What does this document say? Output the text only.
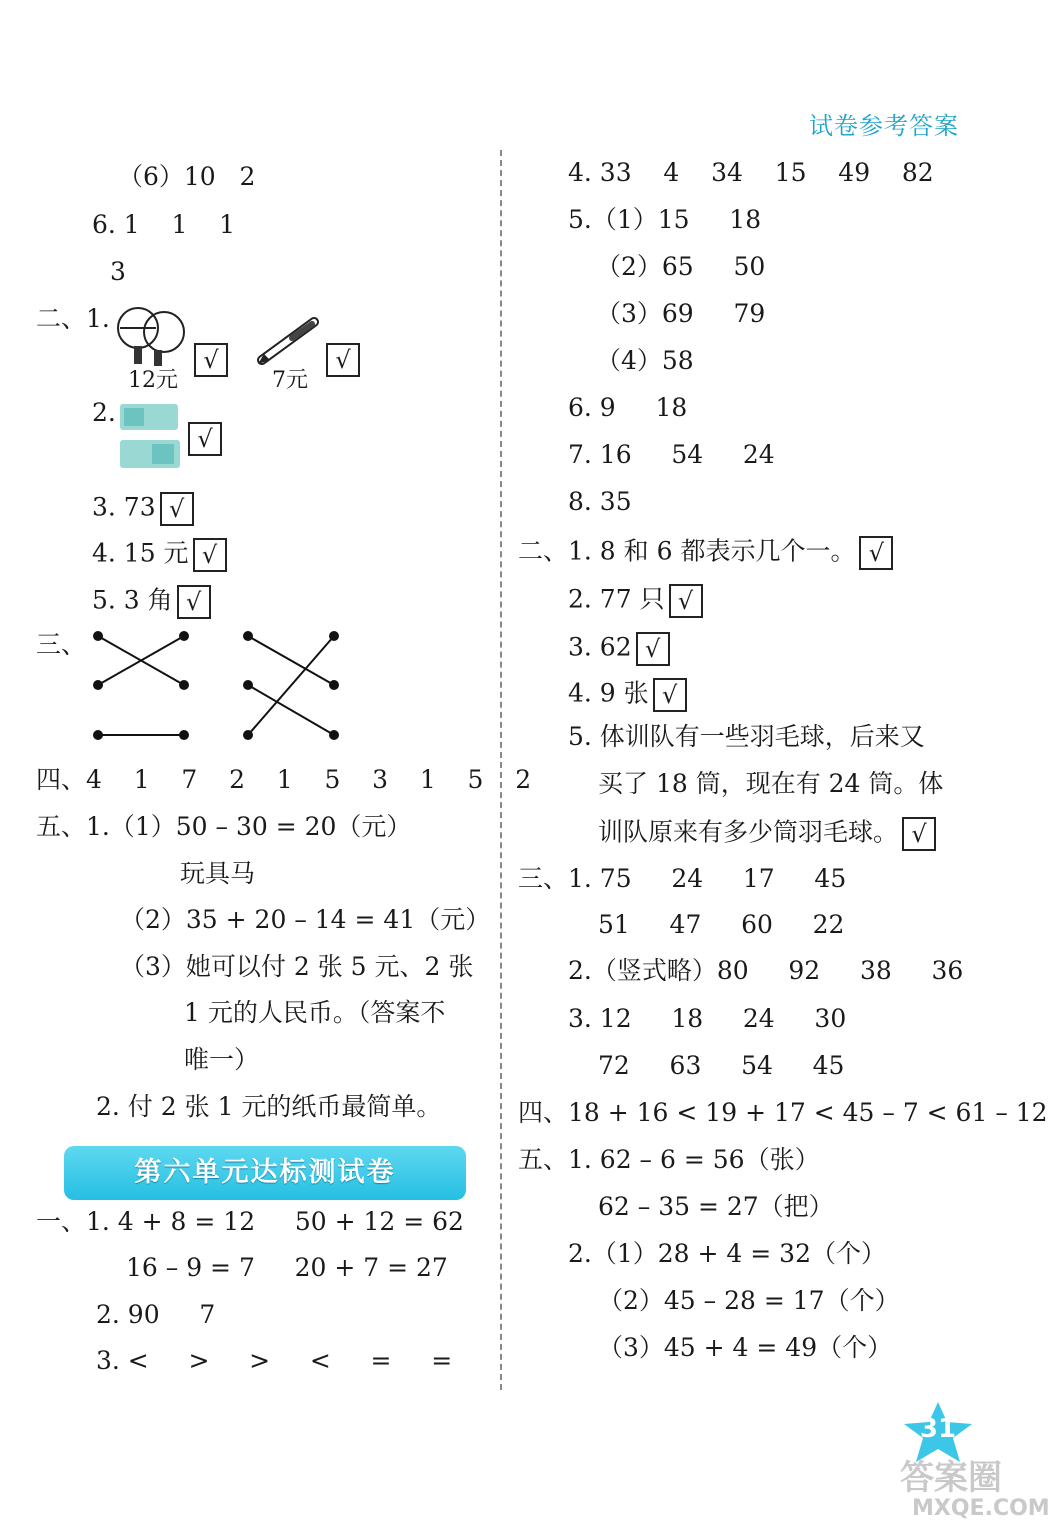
试卷参考答案
（6）10   2
6. 1    1    1
3
二、1.
√
12元
√
7元
2.
√
3. 73 √
4. 15 元 √
5. 3 角 √
三、
四、4    1    7    2    1    5    3    1    5    2
五、1.（1）50 – 30 = 20（元）
玩具马
（2）35 + 20 – 14 = 41（元）
（3）她可以付 2 张 5 元、2 张
1 元的人民币。（答案不
唯一）
2. 付 2 张 1 元的纸币最简单。
第六单元达标测试卷
一、1. 4 + 8 = 12     50 + 12 = 62
16 – 9 = 7     20 + 7 = 27
2. 90     7
3. <     >     >     <     =     =
4. 33    4    34    15    49    82
5.（1）15     18
（2）65     50
（3）69     79
（4）58
6. 9     18
7. 16     54     24
8. 35
二、1. 8 和 6 都表示几个一。 √
2. 77 只 √
3. 62 √
4. 9 张 √
5. 体训队有一些羽毛球，后来又
买了 18 筒，现在有 24 筒。体
训队原来有多少筒羽毛球。 √
三、1. 75     24     17     45
51     47     60     22
2.（竖式略）80     92     38     36
3. 12     18     24     30
72     63     54     45
四、18 + 16 < 19 + 17 < 45 – 7 < 61 – 12
五、1. 62 – 6 = 56（张）
62 – 35 = 27（把）
2.（1）28 + 4 = 32（个）
（2）45 – 28 = 17（个）
（3）45 + 4 = 49（个）
31
答案圈
MXQE.COM
